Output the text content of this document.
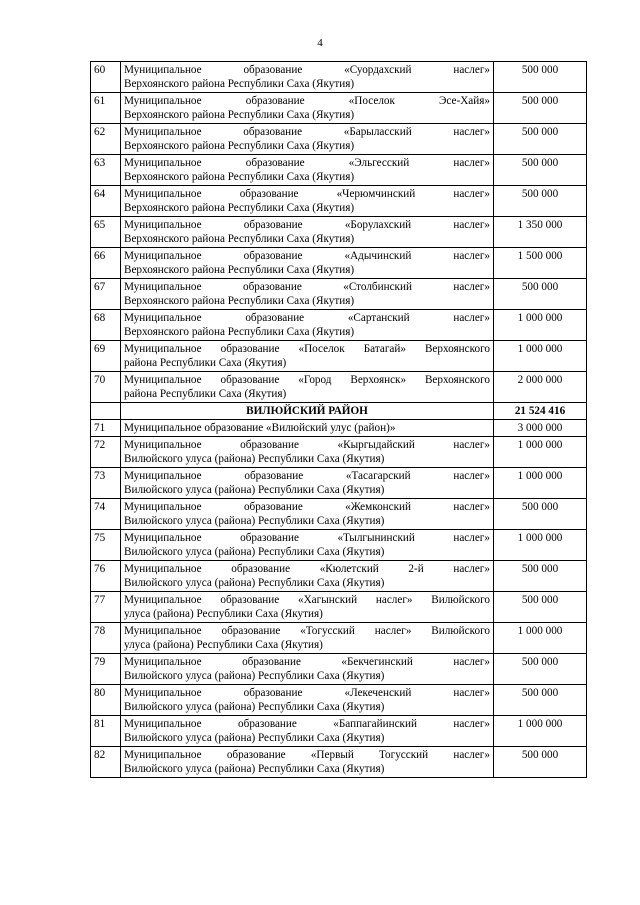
4
60	Муниципальное образование «Суордахский наслег»
Верхоянского района Республики Саха (Якутия)	500 000
61	Муниципальное образование «Поселок Эсе-Хайя»
Верхоянского района Республики Саха (Якутия)	500 000
62	Муниципальное образование «Барыласский наслег»
Верхоянского района Республики Саха (Якутия)	500 000
63	Муниципальное образование «Эльгесский наслег»
Верхоянского района Республики Саха (Якутия)	500 000
64	Муниципальное образование «Черюмчинский наслег»
Верхоянского района Республики Саха (Якутия)	500 000
65	Муниципальное образование «Борулахский наслег»
Верхоянского района Республики Саха (Якутия)	1 350 000
66	Муниципальное образование «Адычинский наслег»
Верхоянского района Республики Саха (Якутия)	1 500 000
67	Муниципальное образование «Столбинский наслег»
Верхоянского района Республики Саха (Якутия)	500 000
68	Муниципальное образование «Сартанский наслег»
Верхоянского района Республики Саха (Якутия)	1 000 000
69	Муниципальное образование «Поселок Батагай» Верхоянского
района Республики Саха (Якутия)	1 000 000
70	Муниципальное образование «Город Верхоянск» Верхоянского
района Республики Саха (Якутия)	2 000 000
	ВИЛЮЙСКИЙ РАЙОН	21 524 416
71	Муниципальное образование «Вилюйский улус (район)»	3 000 000
72	Муниципальное образование «Кыргыдайский наслег»
Вилюйского улуса (района) Республики Саха (Якутия)	1 000 000
73	Муниципальное образование «Тасагарский наслег»
Вилюйского улуса (района) Республики Саха (Якутия)	1 000 000
74	Муниципальное образование «Жемконский наслег»
Вилюйского улуса (района) Республики Саха (Якутия)	500 000
75	Муниципальное образование «Тылгынинский наслег»
Вилюйского улуса (района) Республики Саха (Якутия)	1 000 000
76	Муниципальное образование «Кюлетский 2-й наслег»
Вилюйского улуса (района) Республики Саха (Якутия)	500 000
77	Муниципальное образование «Хагынский наслег» Вилюйского
улуса (района) Республики Саха (Якутия)	500 000
78	Муниципальное образование «Тогусский наслег» Вилюйского
улуса (района) Республики Саха (Якутия)	1 000 000
79	Муниципальное образование «Бекчегинский наслег»
Вилюйского улуса (района) Республики Саха (Якутия)	500 000
80	Муниципальное образование «Лекеченский наслег»
Вилюйского улуса (района) Республики Саха (Якутия)	500 000
81	Муниципальное образование «Баппагайинский наслег»
Вилюйского улуса (района) Республики Саха (Якутия)	1 000 000
82	Муниципальное образование «Первый Тогусский наслег»
Вилюйского улуса (района) Республики Саха (Якутия)	500 000
